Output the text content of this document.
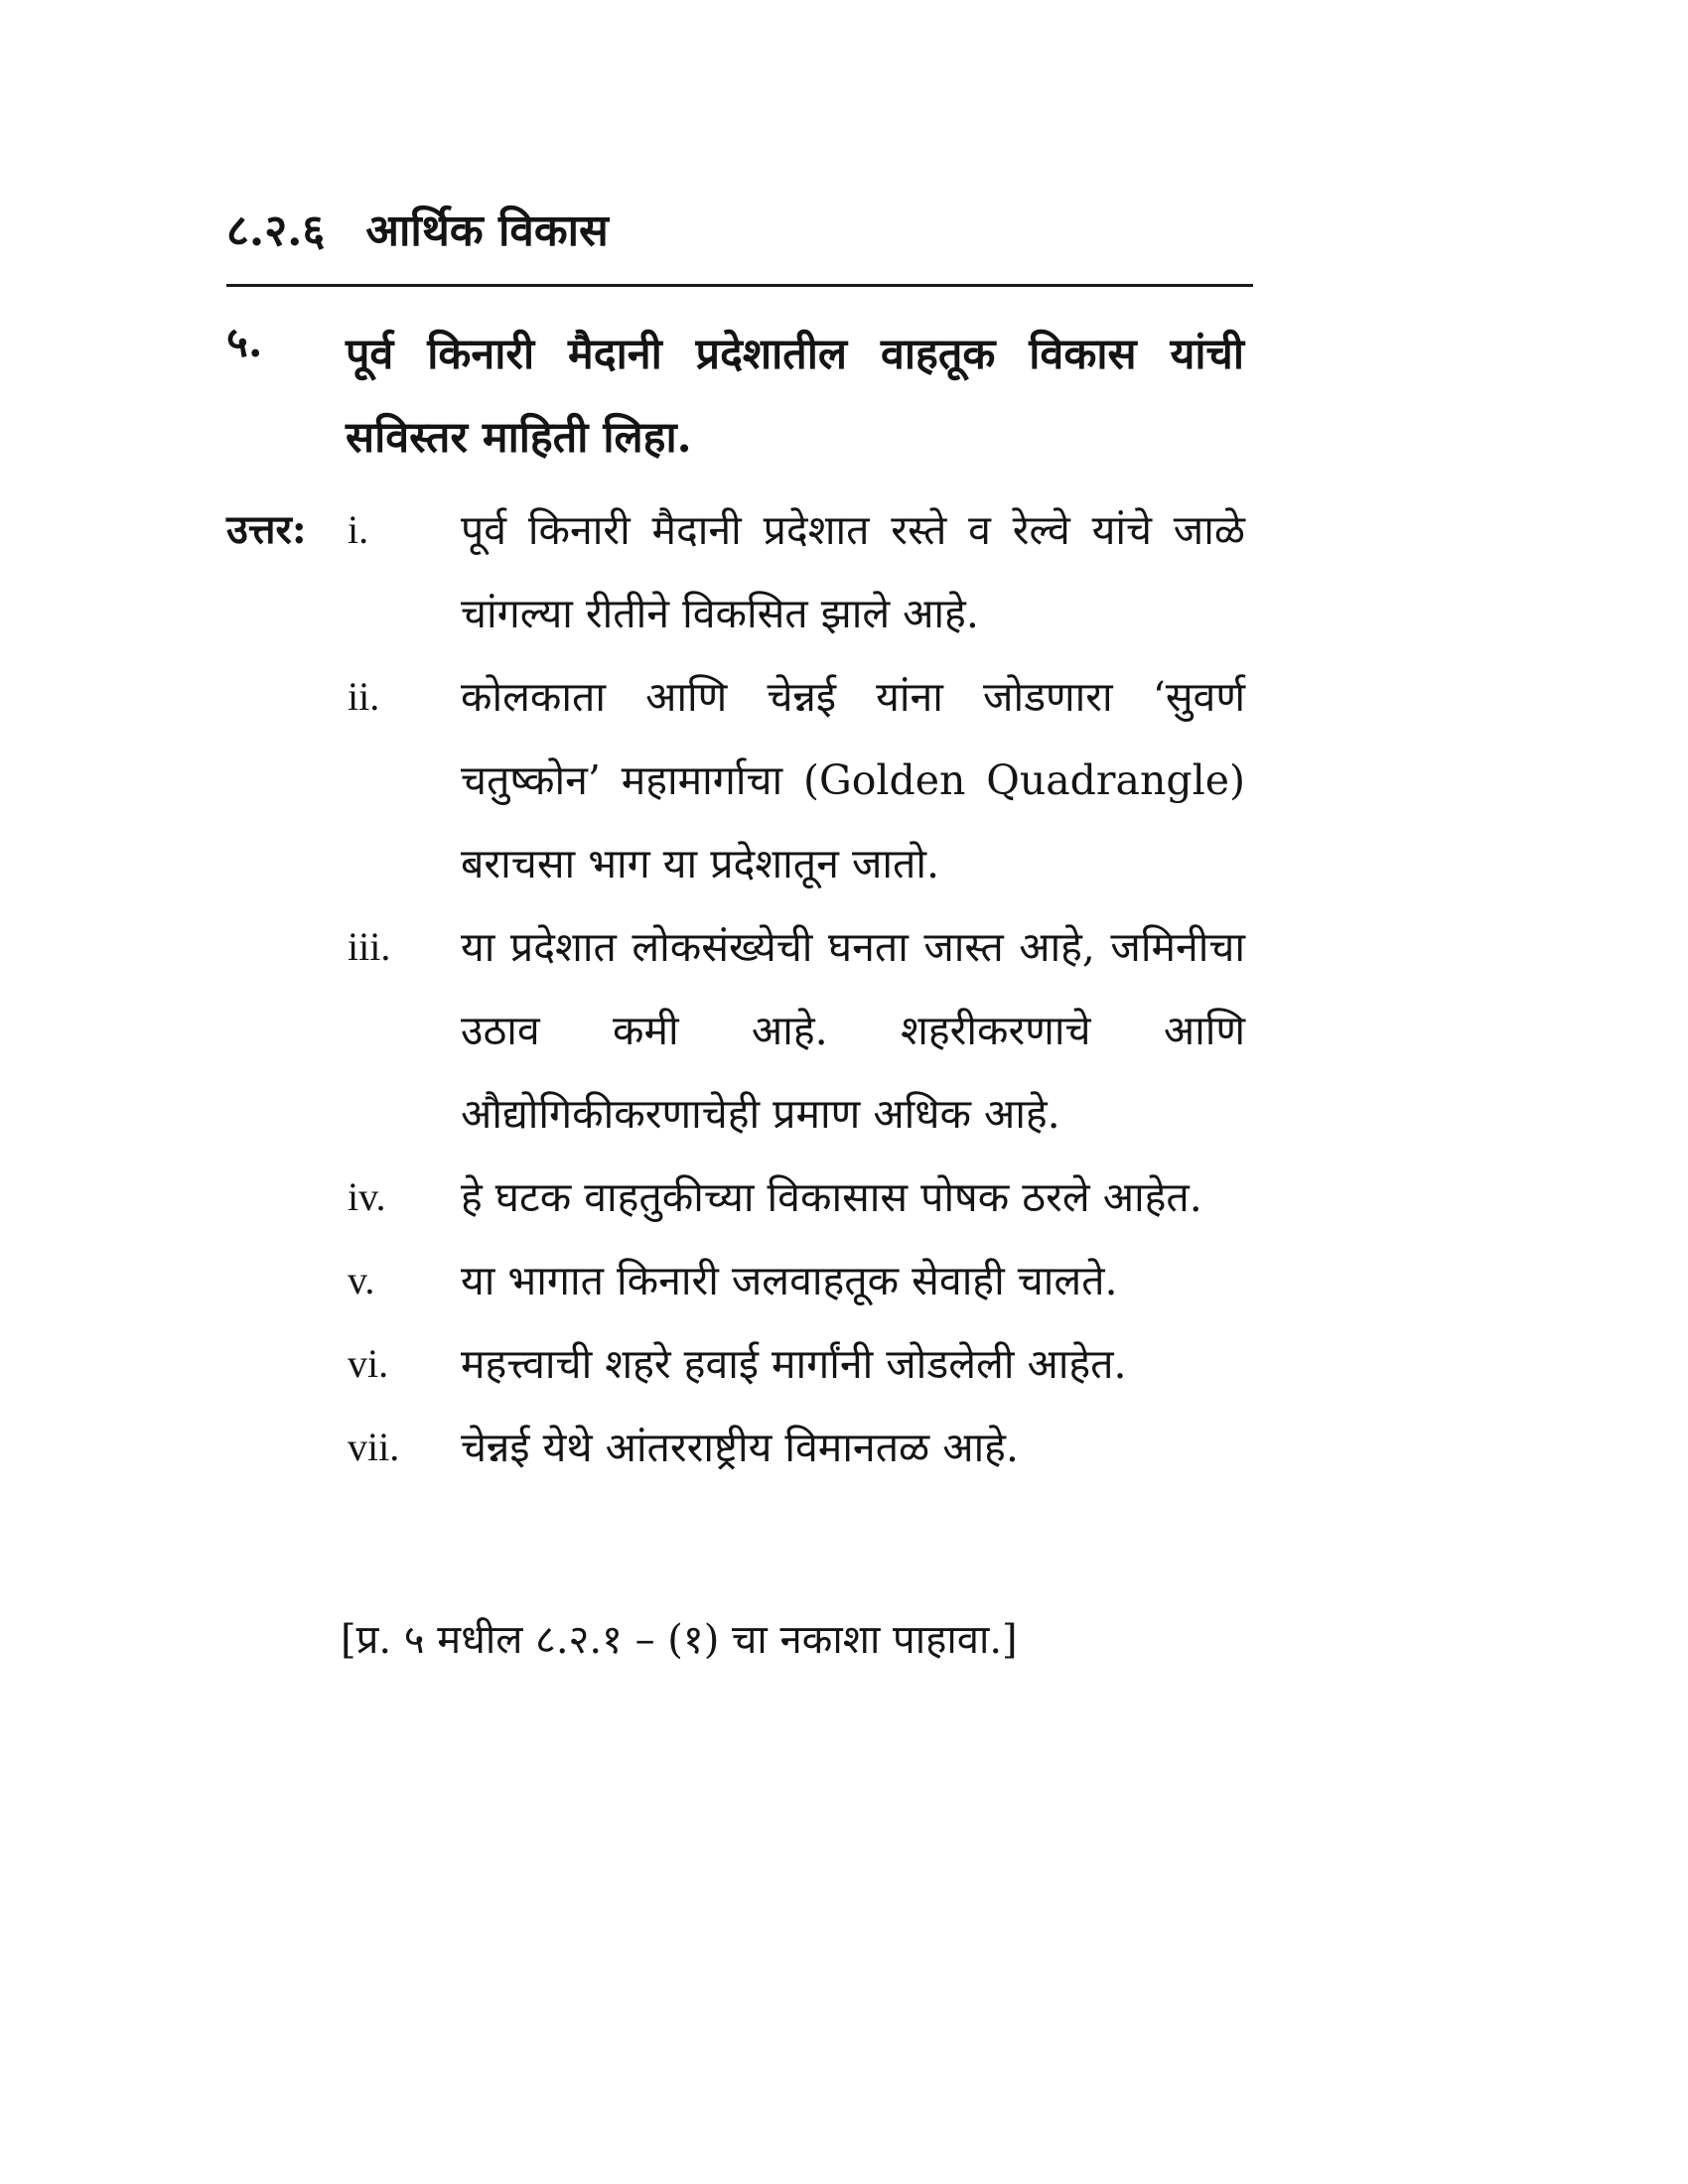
८.२.६ आर्थिक विकास
५. पूर्व किनारी मैदानी प्रदेशातील वाहतूक विकास यांची सविस्तर माहिती लिहा.
उत्तर: i. पूर्व किनारी मैदानी प्रदेशात रस्ते व रेल्वे यांचे जाळे चांगल्या रीतीने विकसित झाले आहे.
ii. कोलकाता आणि चेन्नई यांना जोडणारा ‘सुवर्ण चतुष्कोन’ महामार्गाचा (Golden Quadrangle) बराचसा भाग या प्रदेशातून जातो.
iii. या प्रदेशात लोकसंख्येची घनता जास्त आहे, जमिनीचा उठाव कमी आहे. शहरीकरणाचे आणि औद्योगिकीकरणाचेही प्रमाण अधिक आहे.
iv. हे घटक वाहतुकीच्या विकासास पोषक ठरले आहेत.
v. या भागात किनारी जलवाहतूक सेवाही चालते.
vi. महत्त्वाची शहरे हवाई मार्गांनी जोडलेली आहेत.
vii. चेन्नई येथे आंतरराष्ट्रीय विमानतळ आहे.
[प्र. ५ मधील ८.२.१ – (१) चा नकाशा पाहावा.]
